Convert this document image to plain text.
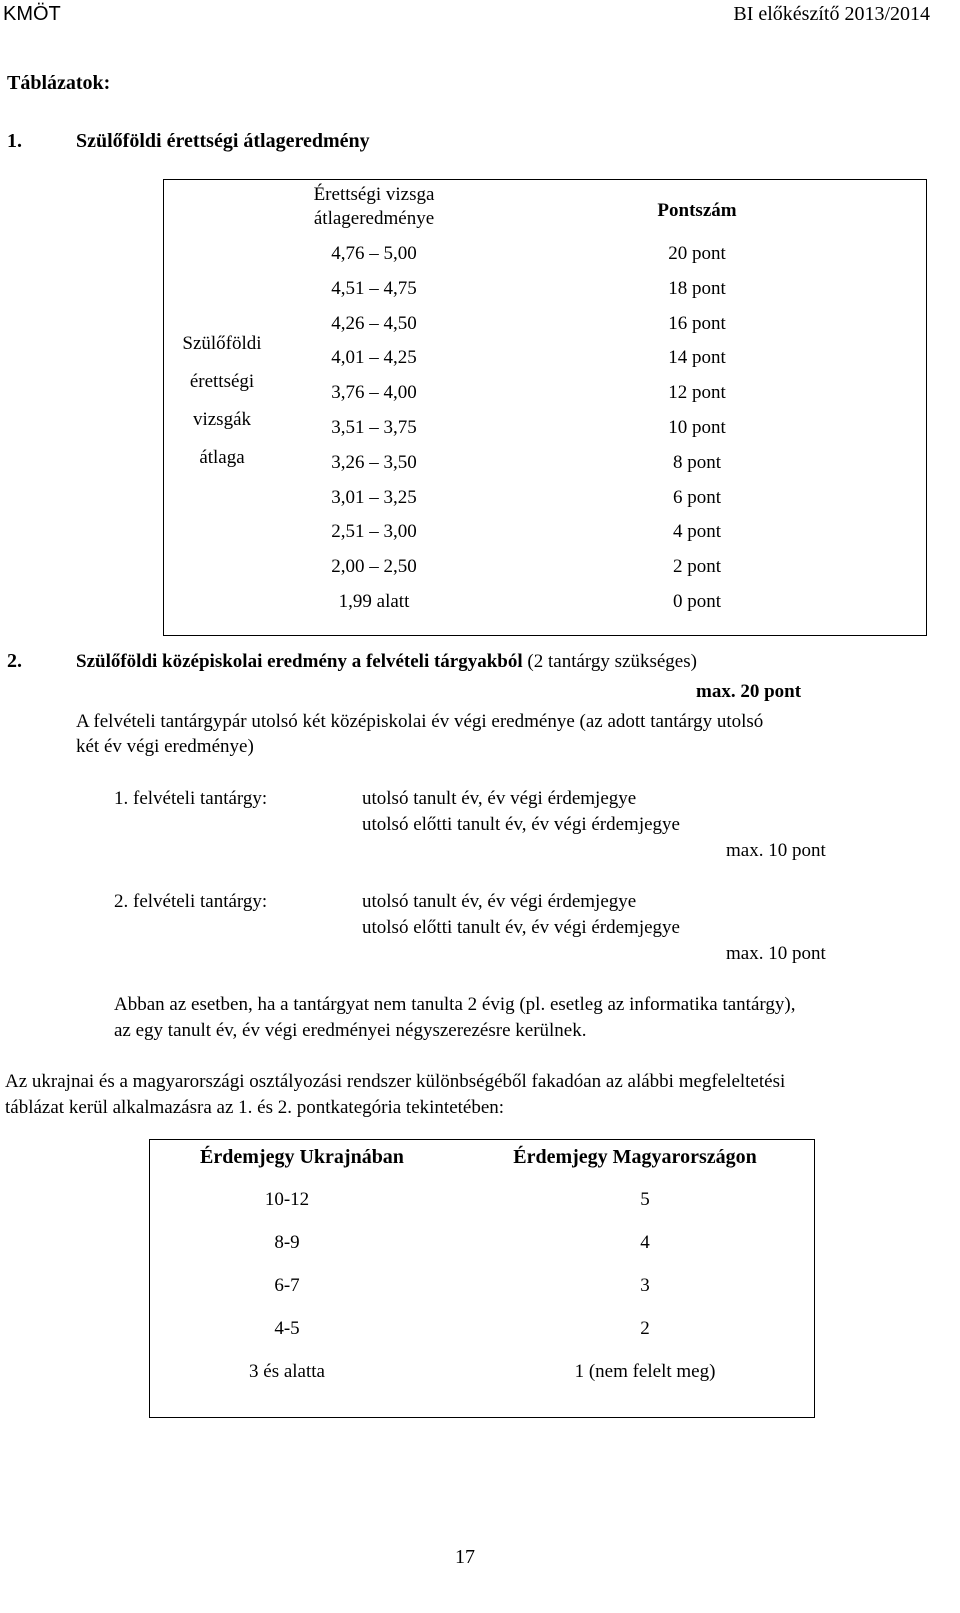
KMÖT	BI előkészítő 2013/2014
Táblázatok:
1.	Szülőföldi érettségi átlageredmény
Szülőföldi
érettségi
vizsgák
átlaga
Érettségi vizsga
átlageredménye	Pontszám
4,76 – 5,00	20 pont
4,51 – 4,75	18 pont
4,26 – 4,50	16 pont
4,01 – 4,25	14 pont
3,76 – 4,00	12 pont
3,51 – 3,75	10 pont
3,26 – 3,50	8 pont
3,01 – 3,25	6 pont
2,51 – 3,00	4 pont
2,00 – 2,50	2 pont
1,99 alatt	0 pont
2.	Szülőföldi középiskolai eredmény a felvételi tárgyakból (2 tantárgy szükséges)
max. 20 pont
A felvételi tantárgypár utolsó két középiskolai év végi eredménye (az adott tantárgy utolsó
két év végi eredménye)
1. felvételi tantárgy:	utolsó tanult év, év végi érdemjegye
utolsó előtti tanult év, év végi érdemjegye
max. 10 pont
2. felvételi tantárgy:	utolsó tanult év, év végi érdemjegye
utolsó előtti tanult év, év végi érdemjegye
max. 10 pont
Abban az esetben, ha a tantárgyat nem tanulta 2 évig (pl. esetleg az informatika tantárgy),
az egy tanult év, év végi eredményei négyszerezésre kerülnek.
Az ukrajnai és a magyarországi osztályozási rendszer különbségéből fakadóan az alábbi megfeleltetési
táblázat kerül alkalmazásra az 1. és 2. pontkategória tekintetében:
Érdemjegy Ukrajnában	Érdemjegy Magyarországon
10-12	5
8-9	4
6-7	3
4-5	2
3 és alatta	1 (nem felelt meg)
17
